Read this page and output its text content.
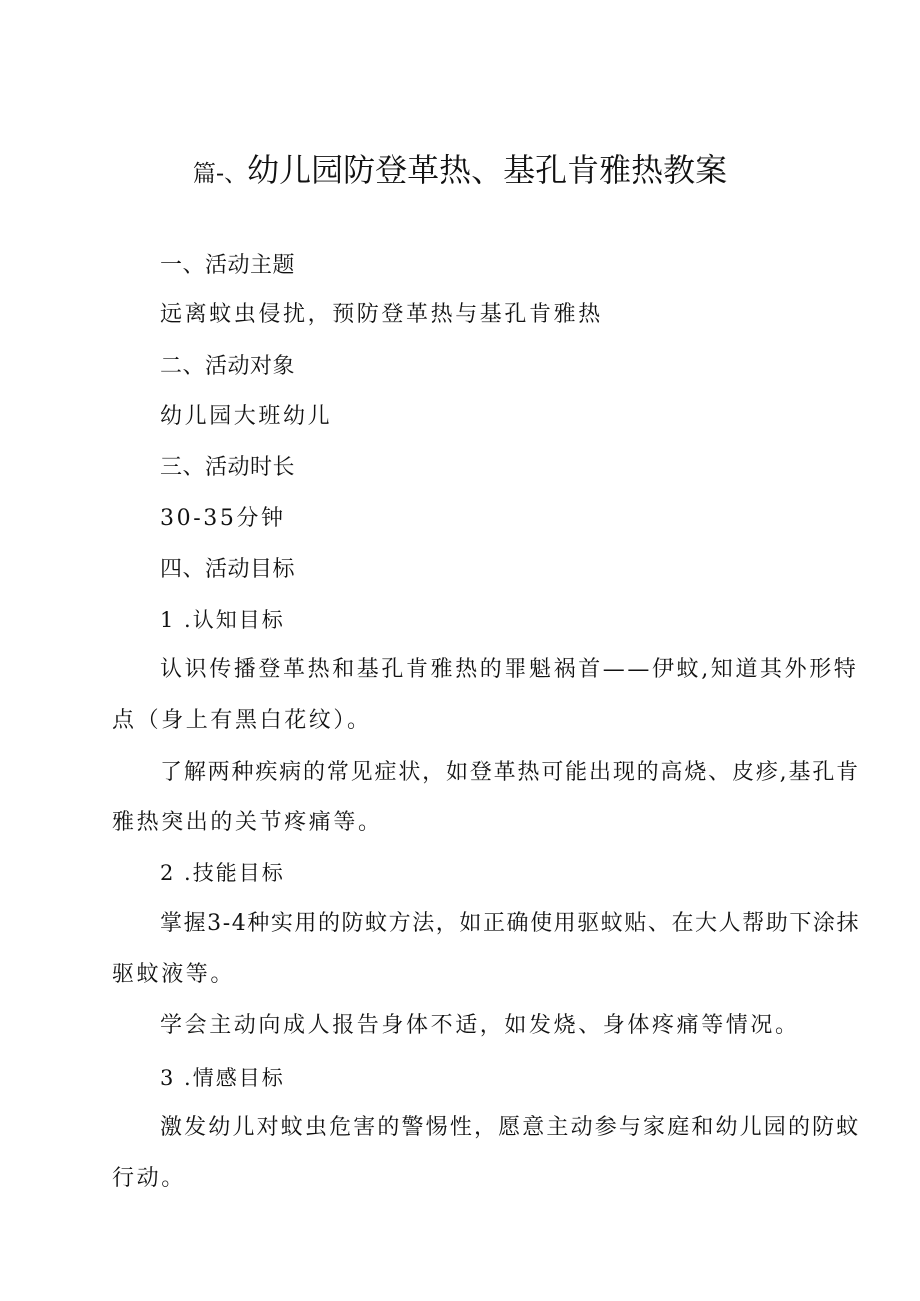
篇-、幼儿园防登革热、基孔肯雅热教案
一、活动主题
远离蚊虫侵扰，预防登革热与基孔肯雅热
二、活动对象
幼儿园大班幼儿
三、活动时长
30-35分钟
四、活动目标
1 .认知目标
认识传播登革热和基孔肯雅热的罪魁祸首——伊蚊,知道其外形特
点（身上有黑白花纹）。
了解两种疾病的常见症状，如登革热可能出现的高烧、皮疹,基孔肯
雅热突出的关节疼痛等。
2 .技能目标
掌握3-4种实用的防蚊方法，如正确使用驱蚊贴、在大人帮助下涂抹
驱蚊液等。
学会主动向成人报告身体不适，如发烧、身体疼痛等情况。
3 .情感目标
激发幼儿对蚊虫危害的警惕性，愿意主动参与家庭和幼儿园的防蚊
行动。
